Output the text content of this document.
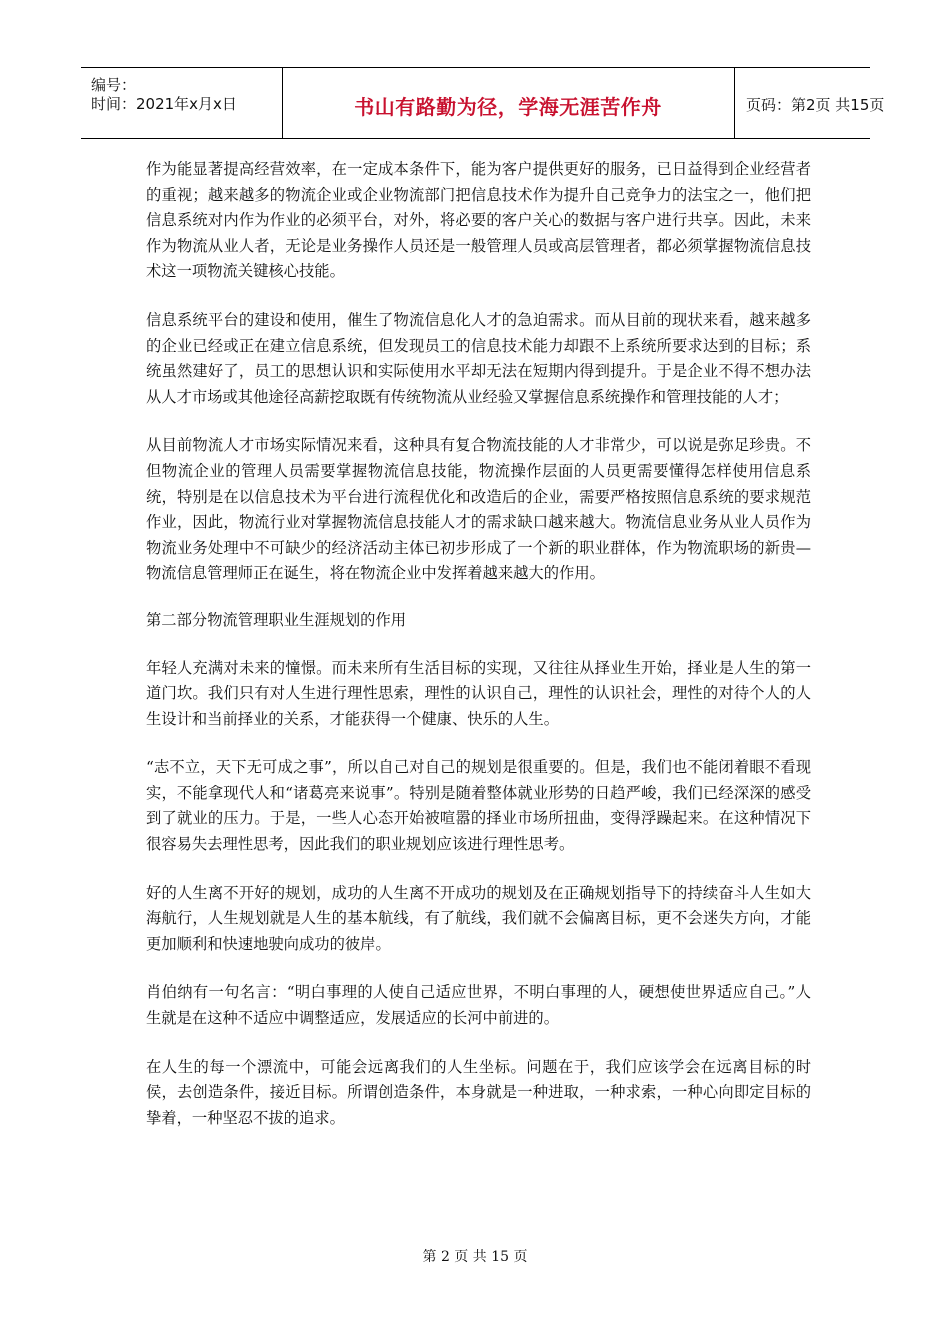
编号：
时间：2021年x月x日	书山有路勤为径，学海无涯苦作舟	页码：第2页 共15页

作为能显著提高经营效率，在一定成本条件下，能为客户提供更好的服务，已日益得到企业经营者的重视；越来越多的物流企业或企业物流部门把信息技术作为提升自己竞争力的法宝之一，他们把信息系统对内作为作业的必须平台，对外，将必要的客户关心的数据与客户进行共享。因此，未来作为物流从业人者，无论是业务操作人员还是一般管理人员或高层管理者，都必须掌握物流信息技术这一项物流关键核心技能。

信息系统平台的建设和使用，催生了物流信息化人才的急迫需求。而从目前的现状来看，越来越多的企业已经或正在建立信息系统，但发现员工的信息技术能力却跟不上系统所要求达到的目标；系统虽然建好了，员工的思想认识和实际使用水平却无法在短期内得到提升。于是企业不得不想办法从人才市场或其他途径高薪挖取既有传统物流从业经验又掌握信息系统操作和管理技能的人才；

从目前物流人才市场实际情况来看，这种具有复合物流技能的人才非常少，可以说是弥足珍贵。不但物流企业的管理人员需要掌握物流信息技能，物流操作层面的人员更需要懂得怎样使用信息系统，特别是在以信息技术为平台进行流程优化和改造后的企业，需要严格按照信息系统的要求规范作业，因此，物流行业对掌握物流信息技能人才的需求缺口越来越大。物流信息业务从业人员作为物流业务处理中不可缺少的经济活动主体已初步形成了一个新的职业群体，作为物流职场的新贵—物流信息管理师正在诞生，将在物流企业中发挥着越来越大的作用。

第二部分物流管理职业生涯规划的作用

年轻人充满对未来的憧憬。而未来所有生活目标的实现，又往往从择业生开始，择业是人生的第一道门坎。我们只有对人生进行理性思索，理性的认识自己，理性的认识社会，理性的对待个人的人生设计和当前择业的关系，才能获得一个健康、快乐的人生。

“志不立，天下无可成之事”，所以自己对自己的规划是很重要的。但是，我们也不能闭着眼不看现实，不能拿现代人和“诸葛亮来说事”。特别是随着整体就业形势的日趋严峻，我们已经深深的感受到了就业的压力。于是，一些人心态开始被喧嚣的择业市场所扭曲，变得浮躁起来。在这种情况下很容易失去理性思考，因此我们的职业规划应该进行理性思考。

好的人生离不开好的规划，成功的人生离不开成功的规划及在正确规划指导下的持续奋斗人生如大海航行，人生规划就是人生的基本航线，有了航线，我们就不会偏离目标，更不会迷失方向，才能更加顺利和快速地驶向成功的彼岸。

肖伯纳有一句名言：“明白事理的人使自己适应世界，不明白事理的人，硬想使世界适应自己。”人生就是在这种不适应中调整适应，发展适应的长河中前进的。

在人生的每一个漂流中，可能会远离我们的人生坐标。问题在于，我们应该学会在远离目标的时侯，去创造条件，接近目标。所谓创造条件，本身就是一种进取，一种求索，一种心向即定目标的挚着，一种坚忍不拔的追求。

第 2 页 共 15 页
